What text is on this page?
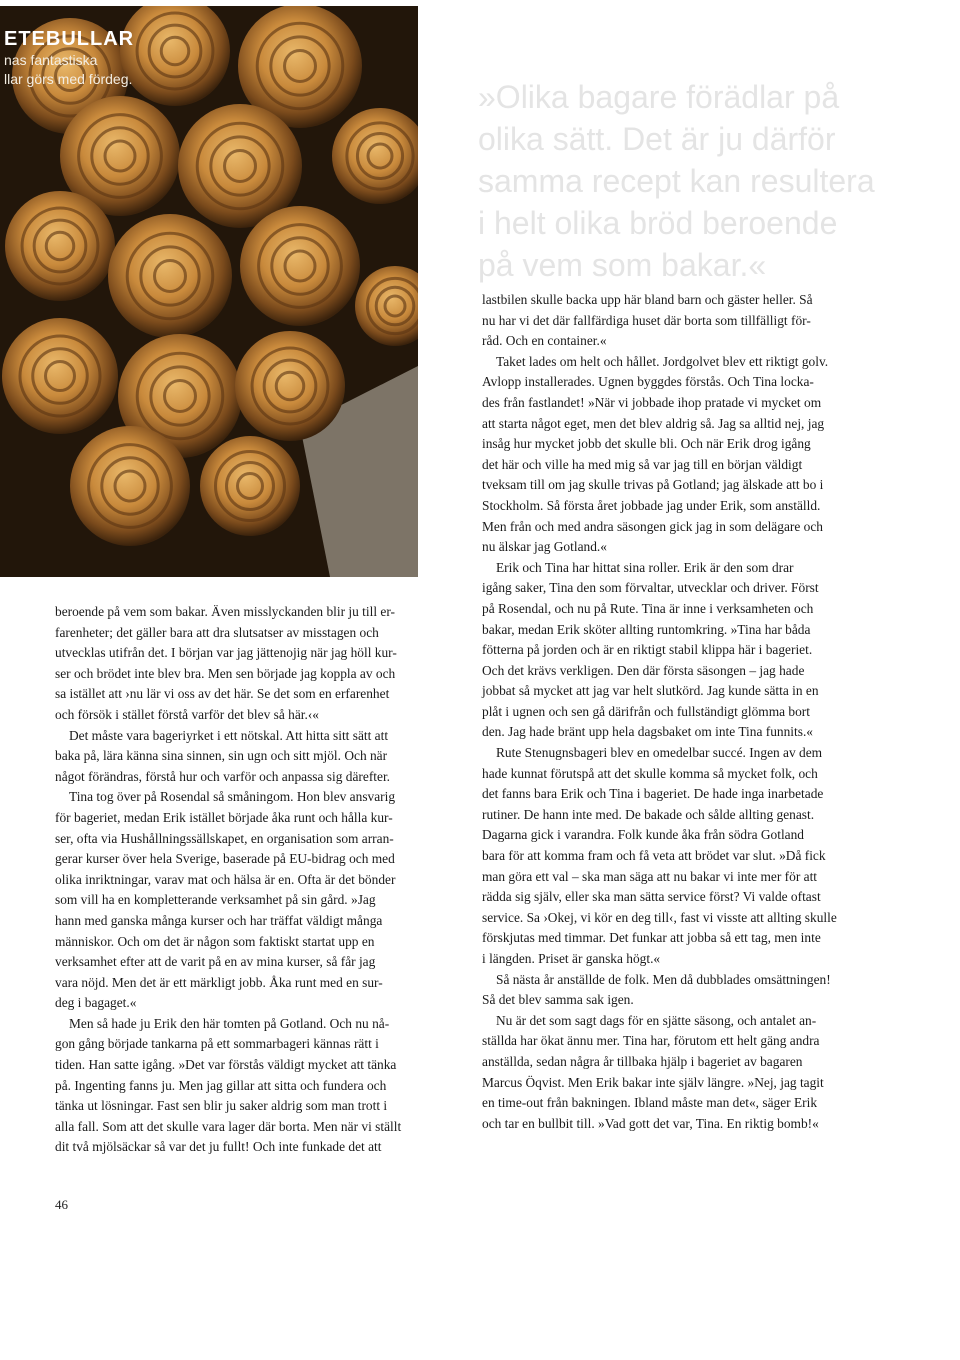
ETEBULLAR
nas fantastiska
llar görs med fördeg.	»Olika bagare förädlar på
olika sätt. Det är ju därför
samma recept kan resultera
i helt olika bröd beroende
på vem som bakar.«

beroende på vem som bakar. Även misslyckanden blir ju till er-

farenheter; det gäller bara att dra slutsatser av misstagen och

utvecklas utifrån det. I början var jag jättenojig när jag höll kur-

ser och brödet inte blev bra. Men sen började jag koppla av och

sa istället att ›nu lär vi oss av det här. Se det som en erfarenhet

och försök i stället förstå varför det blev så här.‹«

Det måste vara bageriyrket i ett nötskal. Att hitta sitt sätt att

baka på, lära känna sina sinnen, sin ugn och sitt mjöl. Och när

något förändras, förstå hur och varför och anpassa sig därefter.

Tina tog över på Rosendal så småningom. Hon blev ansvarig

för bageriet, medan Erik istället började åka runt och hålla kur-

ser, ofta via Hushållningssällskapet, en organisation som arran-

gerar kurser över hela Sverige, baserade på EU-bidrag och med

olika inriktningar, varav mat och hälsa är en. Ofta är det bönder

som vill ha en kompletterande verksamhet på sin gård. »Jag

hann med ganska många kurser och har träffat väldigt många

människor. Och om det är någon som faktiskt startat upp en

verksamhet efter att de varit på en av mina kurser, så får jag

vara nöjd. Men det är ett märkligt jobb. Åka runt med en sur-

deg i bagaget.«

Men så hade ju Erik den här tomten på Gotland. Och nu nå-

gon gång började tankarna på ett sommarbageri kännas rätt i

tiden. Han satte igång. »Det var förstås väldigt mycket att tänka

på. Ingenting fanns ju. Men jag gillar att sitta och fundera och

tänka ut lösningar. Fast sen blir ju saker aldrig som man trott i

alla fall. Som att det skulle vara lager där borta. Men när vi ställt

dit två mjölsäckar så var det ju fullt! Och inte funkade det att

lastbilen skulle backa upp här bland barn och gäster heller. Så

nu har vi det där fallfärdiga huset där borta som tillfälligt för-

råd. Och en container.«

Taket lades om helt och hållet. Jordgolvet blev ett riktigt golv.

Avlopp installerades. Ugnen byggdes förstås. Och Tina locka-

des från fastlandet! »När vi jobbade ihop pratade vi mycket om

att starta något eget, men det blev aldrig så. Jag sa alltid nej, jag

insåg hur mycket jobb det skulle bli. Och när Erik drog igång

det här och ville ha med mig så var jag till en början väldigt

tveksam till om jag skulle trivas på Gotland; jag älskade att bo i

Stockholm. Så första året jobbade jag under Erik, som anställd.

Men från och med andra säsongen gick jag in som delägare och

nu älskar jag Gotland.«

Erik och Tina har hittat sina roller. Erik är den som drar

igång saker, Tina den som förvaltar, utvecklar och driver. Först

på Rosendal, och nu på Rute. Tina är inne i verksamheten och

bakar, medan Erik sköter allting runtomkring. »Tina har båda

fötterna på jorden och är en riktigt stabil klippa här i bageriet.

Och det krävs verkligen. Den där första säsongen – jag hade

jobbat så mycket att jag var helt slutkörd. Jag kunde sätta in en

plåt i ugnen och sen gå därifrån och fullständigt glömma bort

den. Jag hade bränt upp hela dagsbaket om inte Tina funnits.«

Rute Stenugnsbageri blev en omedelbar succé. Ingen av dem

hade kunnat förutspå att det skulle komma så mycket folk, och

det fanns bara Erik och Tina i bageriet. De hade inga inarbetade

rutiner. De hann inte med. De bakade och sålde allting genast.

Dagarna gick i varandra. Folk kunde åka från södra Gotland

bara för att komma fram och få veta att brödet var slut. »Då fick

man göra ett val – ska man säga att nu bakar vi inte mer för att

rädda sig själv, eller ska man sätta service först? Vi valde oftast

service. Sa ›Okej, vi kör en deg till‹, fast vi visste att allting skulle

förskjutas med timmar. Det funkar att jobba så ett tag, men inte

i längden. Priset är ganska högt.«

Så nästa år anställde de folk. Men då dubblades omsättningen!

Så det blev samma sak igen.

Nu är det som sagt dags för en sjätte säsong, och antalet an-

ställda har ökat ännu mer. Tina har, förutom ett helt gäng andra

anställda, sedan några år tillbaka hjälp i bageriet av bagaren

Marcus Öqvist. Men Erik bakar inte själv längre. »Nej, jag tagit

en time-out från bakningen. Ibland måste man det«, säger Erik

och tar en bullbit till. »Vad gott det var, Tina. En riktig bomb!«

46
